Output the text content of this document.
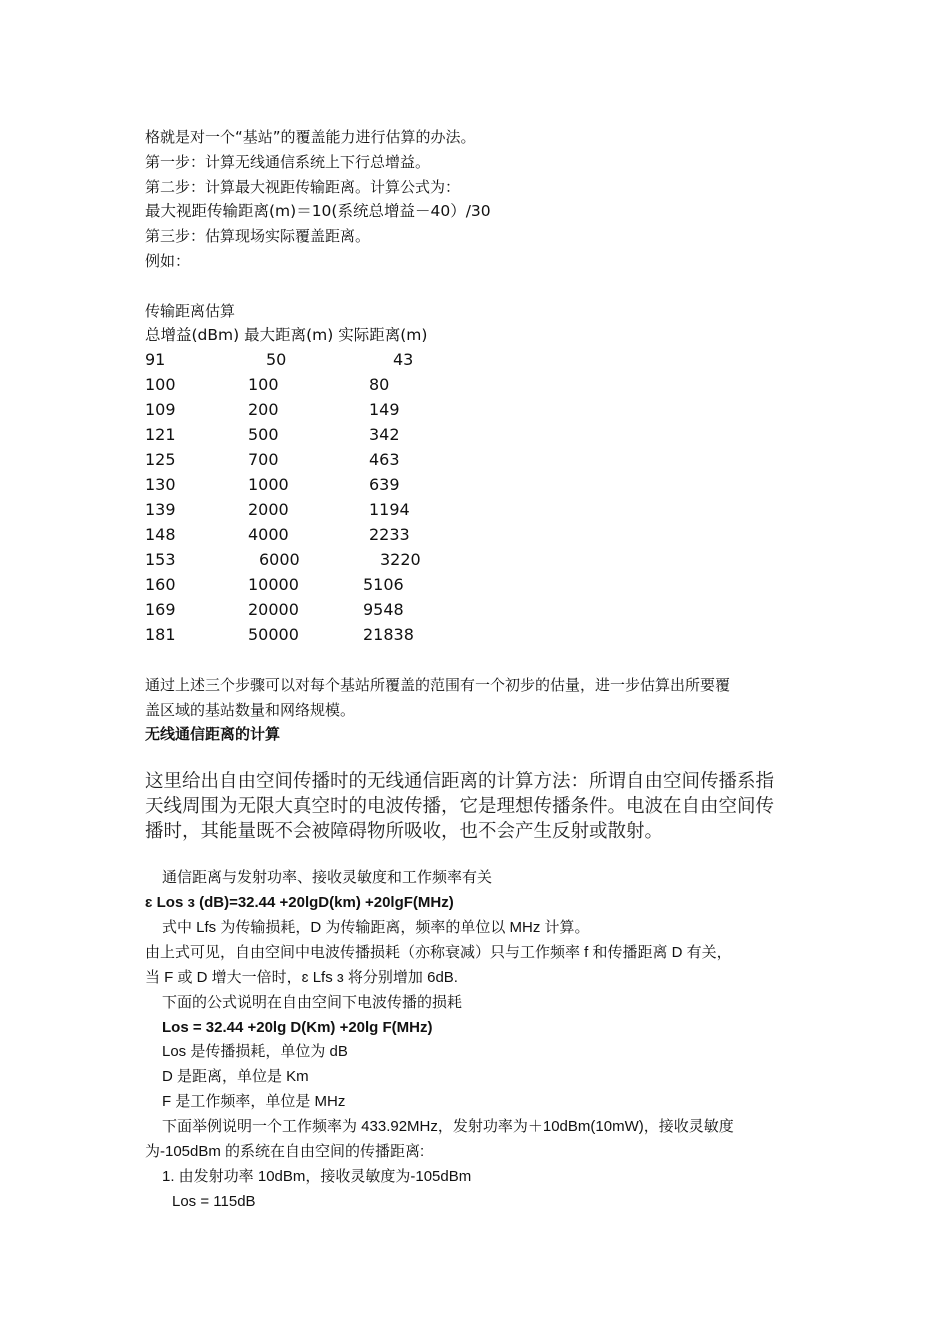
格就是对一个“基站”的覆盖能力进行估算的办法。
第一步：计算无线通信系统上下行总增益。
第二步：计算最大视距传输距离。计算公式为：
最大视距传输距离(m)＝10(系统总增益－40）/30
第三步：估算现场实际覆盖距离。
例如：
传输距离估算
总增益(dBm) 最大距离(m) 实际距离(m)
91	50	43
100	100	80
109	200	149
121	500	342
125	700	463
130	1000	639
139	2000	1194
148	4000	2233
153	6000	3220
160	10000	5106
169	20000	9548
181	50000	21838
通过上述三个步骤可以对每个基站所覆盖的范围有一个初步的估量，进一步估算出所要覆
盖区域的基站数量和网络规模。
无线通信距离的计算
这里给出自由空间传播时的无线通信距离的计算方法：所谓自由空间传播系指
天线周围为无限大真空时的电波传播，它是理想传播条件。电波在自由空间传
播时，其能量既不会被障碍物所吸收，也不会产生反射或散射。
通信距离与发射功率、接收灵敏度和工作频率有关
ɛ Los ɜ (dB)=32.44 +20lgD(km) +20lgF(MHz)
式中 Lfs 为传输损耗，D 为传输距离，频率的单位以 MHz 计算。
由上式可见，自由空间中电波传播损耗（亦称衰减）只与工作频率 f 和传播距离 D 有关，
当 F 或 D 增大一倍时，ɛ Lfs ɜ 将分别增加 6dB.
下面的公式说明在自由空间下电波传播的损耗
Los = 32.44 +20lg D(Km) +20lg F(MHz)
Los 是传播损耗，单位为 dB
D 是距离，单位是 Km
F 是工作频率，单位是 MHz
下面举例说明一个工作频率为 433.92MHz，发射功率为＋10dBm(10mW)，接收灵敏度
为-105dBm 的系统在自由空间的传播距离:
1. 由发射功率 10dBm，接收灵敏度为-105dBm
Los = 115dB
